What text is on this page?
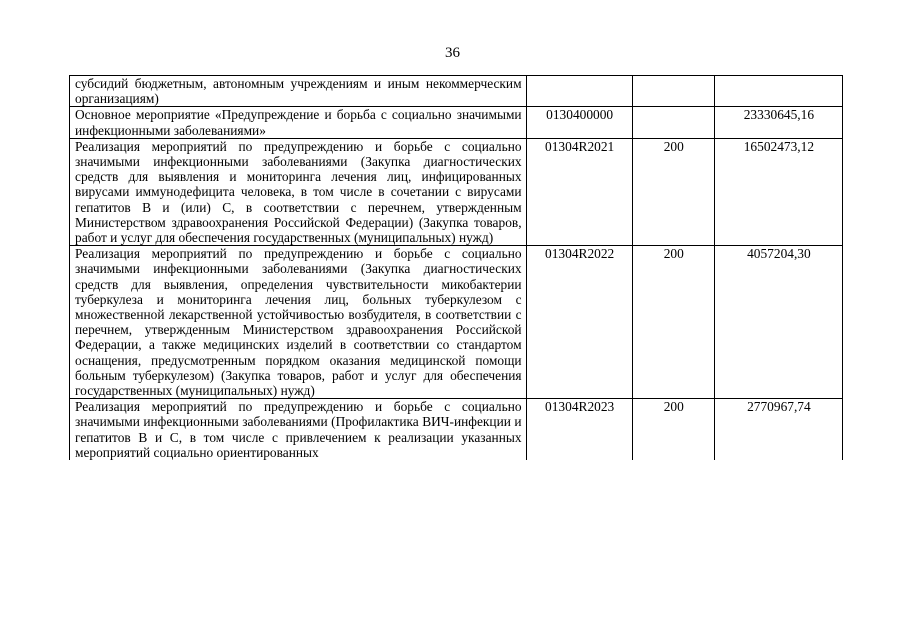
36
субсидий бюджетным, автономным учреждениям и иным некоммерческим организациям)			
Основное мероприятие «Предупреждение и борьба с социально значимыми инфекционными заболеваниями»	0130400000		23330645,16
Реализация мероприятий по предупреждению и борьбе с социально значимыми инфекционными заболеваниями (Закупка диагностических средств для выявления и мониторинга лечения лиц, инфицированных вирусами иммунодефицита человека, в том числе в сочетании с вирусами гепатитов В и (или) С, в соответствии с перечнем, утвержденным Министерством здравоохранения Российской Федерации) (Закупка товаров, работ и услуг для обеспечения государственных (муниципальных) нужд)	01304R2021	200	16502473,12
Реализация мероприятий по предупреждению и борьбе с социально значимыми инфекционными заболеваниями (Закупка диагностических средств для выявления, определения чувствительности микобактерии туберкулеза и мониторинга лечения лиц, больных туберкулезом с множественной лекарственной устойчивостью возбудителя, в соответствии с перечнем, утвержденным Министерством здравоохранения Российской Федерации, а также медицинских изделий в соответствии со стандартом оснащения, предусмотренным порядком оказания медицинской помощи больным туберкулезом) (Закупка товаров, работ и услуг для обеспечения государственных (муниципальных) нужд)	01304R2022	200	4057204,30
Реализация мероприятий по предупреждению и борьбе с социально значимыми инфекционными заболеваниями (Профилактика ВИЧ-инфекции и гепатитов В и С, в том числе с привлечением к реализации указанных мероприятий социально ориентированных	01304R2023	200	2770967,74
